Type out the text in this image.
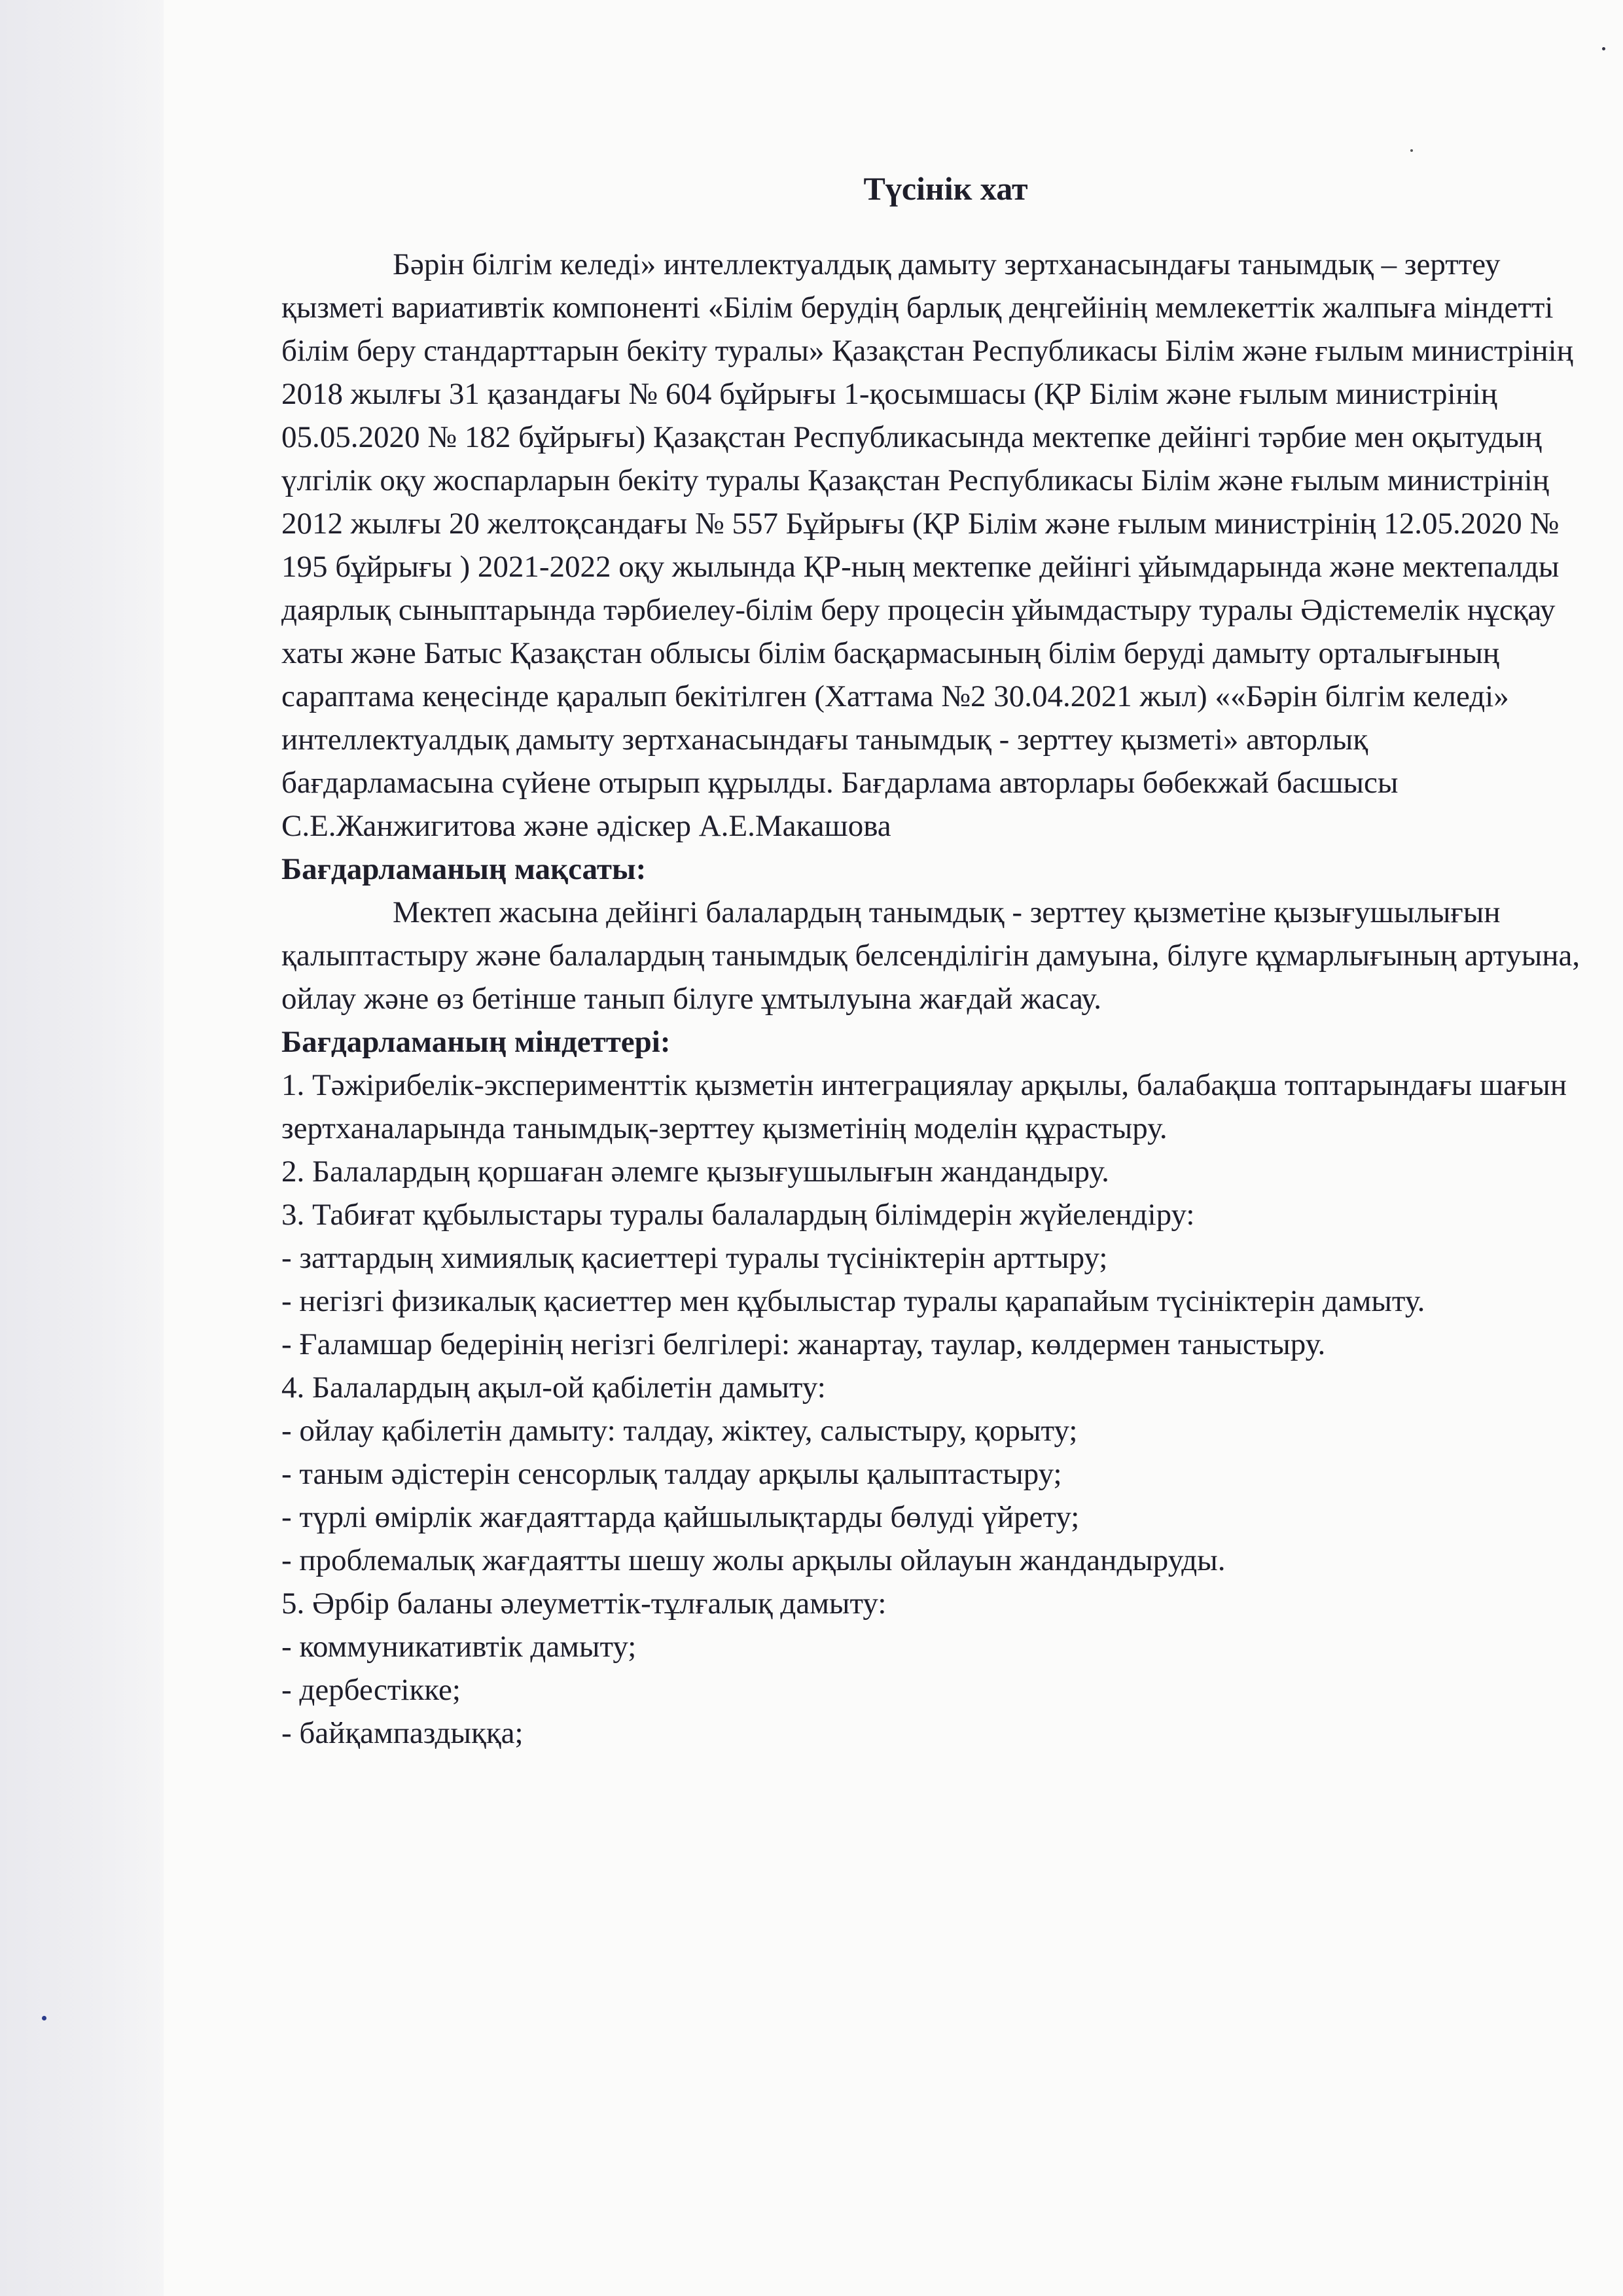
Түсінік хат

Бәрін білгім келеді» интеллектуалдық дамыту зертханасындағы танымдық – зерттеу қызметі вариативтік компоненті «Білім берудің барлық деңгейінің мемлекеттік жалпыға міндетті білім беру стандарттарын бекіту туралы» Қазақстан Республикасы Білім және ғылым министрінің 2018 жылғы 31 қазандағы № 604 бұйрығы 1-қосымшасы (ҚР Білім және ғылым министрінің 05.05.2020 № 182 бұйрығы) Қазақстан Республикасында мектепке дейінгі тәрбие мен оқытудың үлгілік оқу жоспарларын бекіту туралы Қазақстан Республикасы Білім және ғылым министрінің 2012 жылғы 20 желтоқсандағы № 557 Бұйрығы (ҚР Білім және ғылым министрінің 12.05.2020 № 195 бұйрығы ) 2021-2022 оқу жылында ҚР-ның мектепке дейінгі ұйымдарында және мектепалды даярлық сыныптарында тәрбиелеу-білім беру процесін ұйымдастыру туралы Әдістемелік нұсқау хаты және Батыс Қазақстан облысы білім басқармасының білім беруді дамыту орталығының сараптама кеңесінде қаралып бекітілген (Хаттама №2 30.04.2021 жыл) ««Бәрін білгім келеді» интеллектуалдық дамыту зертханасындағы танымдық - зерттеу қызметі» авторлық бағдарламасына сүйене отырып құрылды. Бағдарлама авторлары бөбекжай басшысы С.Е.Жанжигитова және әдіскер А.Е.Макашова

Бағдарламаның мақсаты:

Мектеп жасына дейінгі балалардың танымдық - зерттеу қызметіне қызығушылығын қалыптастыру және балалардың танымдық белсенділігін дамуына, білуге құмарлығының артуына, ойлау және өз бетінше танып білуге ұмтылуына жағдай жасау.

Бағдарламаның міндеттері:

1. Тәжірибелік-эксперименттік қызметін интеграциялау арқылы, балабақша топтарындағы шағын зертханаларында танымдық-зерттеу қызметінің моделін құрастыру.

2. Балалардың қоршаған әлемге қызығушылығын жандандыру.

3. Табиғат құбылыстары туралы балалардың білімдерін жүйелендіру:

- заттардың химиялық қасиеттері туралы түсініктерін арттыру;

- негізгі физикалық қасиеттер мен құбылыстар туралы қарапайым түсініктерін дамыту.

- Ғаламшар бедерінің негізгі белгілері: жанартау, таулар, көлдермен таныстыру.

4. Балалардың ақыл-ой қабілетін дамыту:

- ойлау қабілетін дамыту: талдау, жіктеу, салыстыру, қорыту;

- таным әдістерін сенсорлық талдау арқылы қалыптастыру;

- түрлі өмірлік жағдаяттарда қайшылықтарды бөлуді үйрету;

- проблемалық жағдаятты шешу жолы арқылы ойлауын жандандыруды.

5. Әрбір баланы әлеуметтік-тұлғалық дамыту:

- коммуникативтік дамыту;

- дербестікке;

- байқампаздыққа;
